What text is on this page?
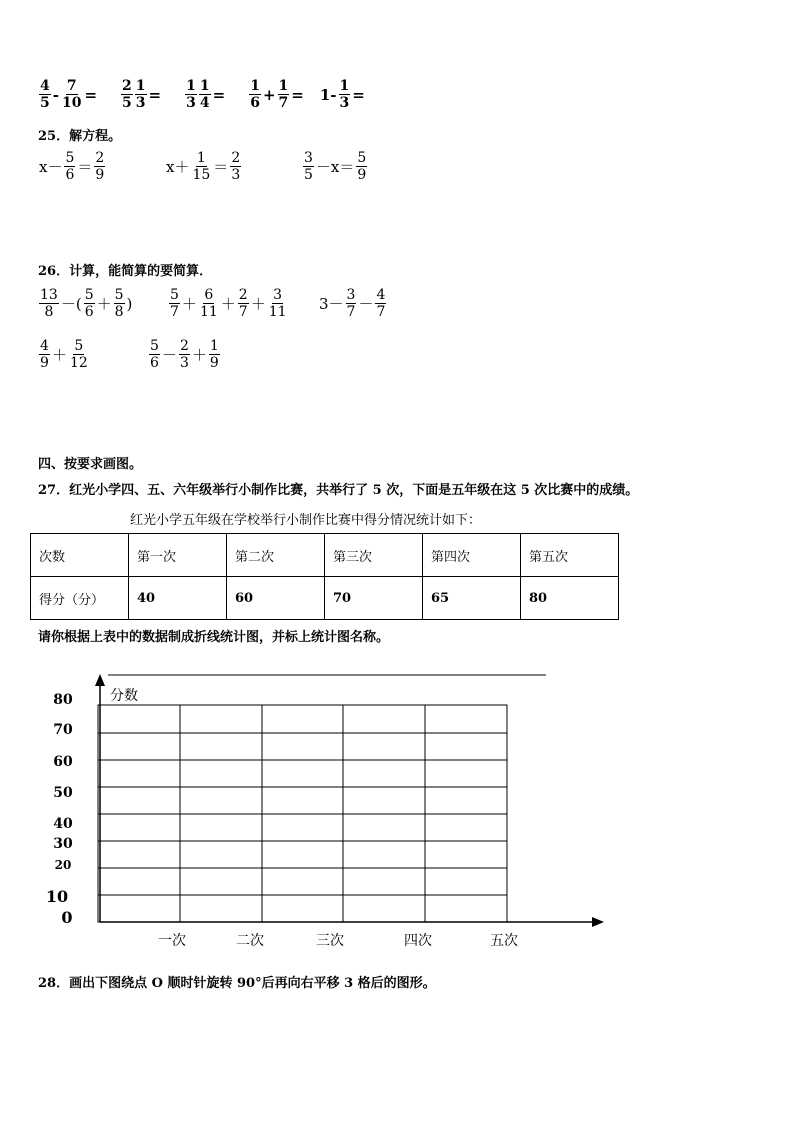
$\frac{4}{5} - \frac{7}{10} = \frac{2}{5} \frac{1}{3} = \frac{1}{3} \frac{1}{4} = \frac{1}{6} + \frac{1}{7} = 1- \frac{1}{3}$ =
25．解方程。
$x- \frac{5}{6} = \frac{2}{9}$	$x+ \frac{1}{15} = \frac{2}{3}$	$\frac{3}{5} -x= \frac{5}{9}$
26．计算，能简算的要简算．
$\frac{13}{8}$ －( $\frac{5}{6} + \frac{5}{8}$ )	$\frac{5}{7} + \frac{6}{11} + \frac{2}{7} + \frac{3}{11} 3- \frac{3}{7} - \frac{4}{7}$
$\frac{4}{9} + \frac{5}{12}$	$\frac{5}{6} - \frac{2}{3} + \frac{1}{9}$
四、按要求画图。
27．红光小学四、五、六年级举行小制作比赛，共举行了 5 次，下面是五年级在这 5 次比赛中的成绩。
红光小学五年级在学校举行小制作比赛中得分情况统计如下：
次数	第一次	第二次	第三次	第四次	第五次
得分（分）	40	60	70	65	80
请你根据上表中的数据制成折线统计图，并标上统计图名称。
分数
80
70
60
50
40
30
20
10
0
一次	二次	三次	四次	五次
28．画出下图绕点 O 顺时针旋转 90°后再向右平移 3 格后的图形。
